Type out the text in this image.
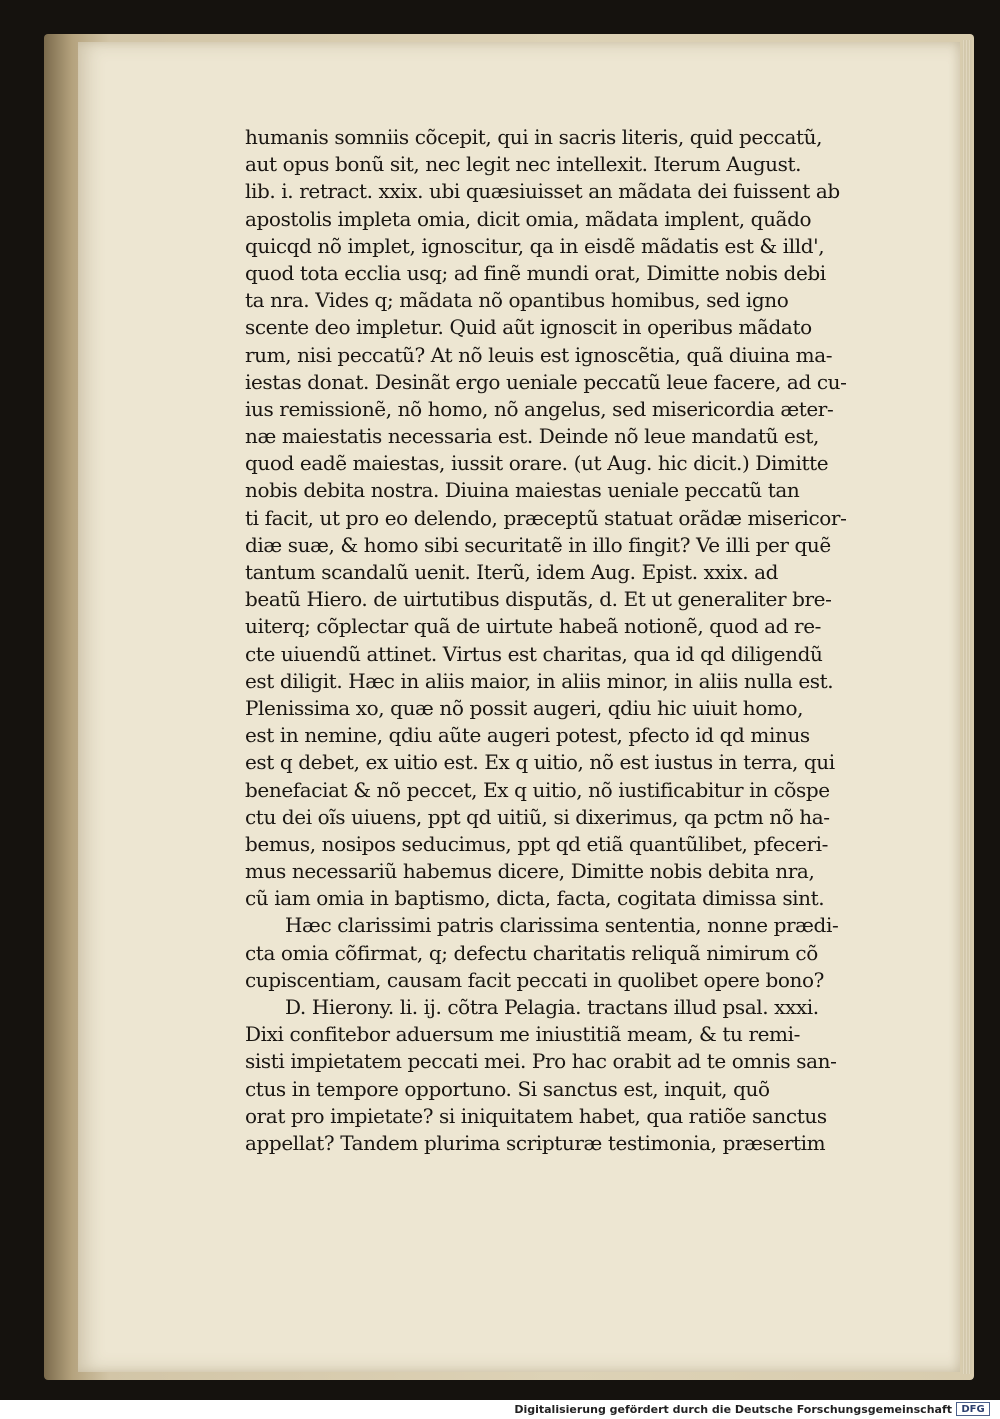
humanis somniis cõcepit, qui in sacris literis, quid peccatũ,
aut opus bonũ sit, nec legit nec intellexit. Iterum August.
lib. i. retract. xxix. ubi quæsiuisset an mãdata dei fuissent ab
apostolis impleta omia, dicit omia, mãdata implent, quãdo
quicqd nõ implet, ignoscitur, qa in eisdẽ mãdatis est & illd',
quod tota ecclia usq; ad finẽ mundi orat, Dimitte nobis debi
ta nra. Vides q; mãdata nõ opantibus homibus, sed igno
scente deo impletur. Quid aũt ignoscit in operibus mãdato
rum, nisi peccatũ? At nõ leuis est ignoscẽtia, quã diuina ma-
iestas donat. Desinãt ergo ueniale peccatũ leue facere, ad cu-
ius remissionẽ, nõ homo, nõ angelus, sed misericordia æter-
næ maiestatis necessaria est. Deinde nõ leue mandatũ est,
quod eadẽ maiestas, iussit orare. (ut Aug. hic dicit.) Dimitte
nobis debita nostra. Diuina maiestas ueniale peccatũ tan
ti facit, ut pro eo delendo, præceptũ statuat orãdæ misericor-
diæ suæ, & homo sibi securitatẽ in illo fingit? Ve illi per quẽ
tantum scandalũ uenit. Iterũ, idem Aug. Epist. xxix. ad
beatũ Hiero. de uirtutibus disputãs, d. Et ut generaliter bre-
uiterq; cõplectar quã de uirtute habeã notionẽ, quod ad re-
cte uiuendũ attinet. Virtus est charitas, qua id qd diligendũ
est diligit. Hæc in aliis maior, in aliis minor, in aliis nulla est.
Plenissima xo, quæ nõ possit augeri, qdiu hic uiuit homo,
est in nemine, qdiu aũte augeri potest, pfecto id qd minus
est q debet, ex uitio est. Ex q uitio, nõ est iustus in terra, qui
benefaciat & nõ peccet, Ex q uitio, nõ iustificabitur in cõspe
ctu dei oĩs uiuens, ppt qd uitiũ, si dixerimus, qa pctm nõ ha-
bemus, nosipos seducimus, ppt qd etiã quantũlibet, pfeceri-
mus necessariũ habemus dicere, Dimitte nobis debita nra,
cũ iam omia in baptismo, dicta, facta, cogitata dimissa sint.
Hæc clarissimi patris clarissima sententia, nonne prædi-
cta omia cõfirmat, q; defectu charitatis reliquã nimirum cõ
cupiscentiam, causam facit peccati in quolibet opere bono?
D. Hierony. li. ij. cõtra Pelagia. tractans illud psal. xxxi.
Dixi confitebor aduersum me iniustitiã meam, & tu remi-
sisti impietatem peccati mei. Pro hac orabit ad te omnis san-
ctus in tempore opportuno. Si sanctus est, inquit, quõ
orat pro impietate? si iniquitatem habet, qua ratiõe sanctus
appellat? Tandem plurima scripturæ testimonia, præsertim
Digitalisierung gefördert durch die Deutsche Forschungsgemeinschaft DFG
